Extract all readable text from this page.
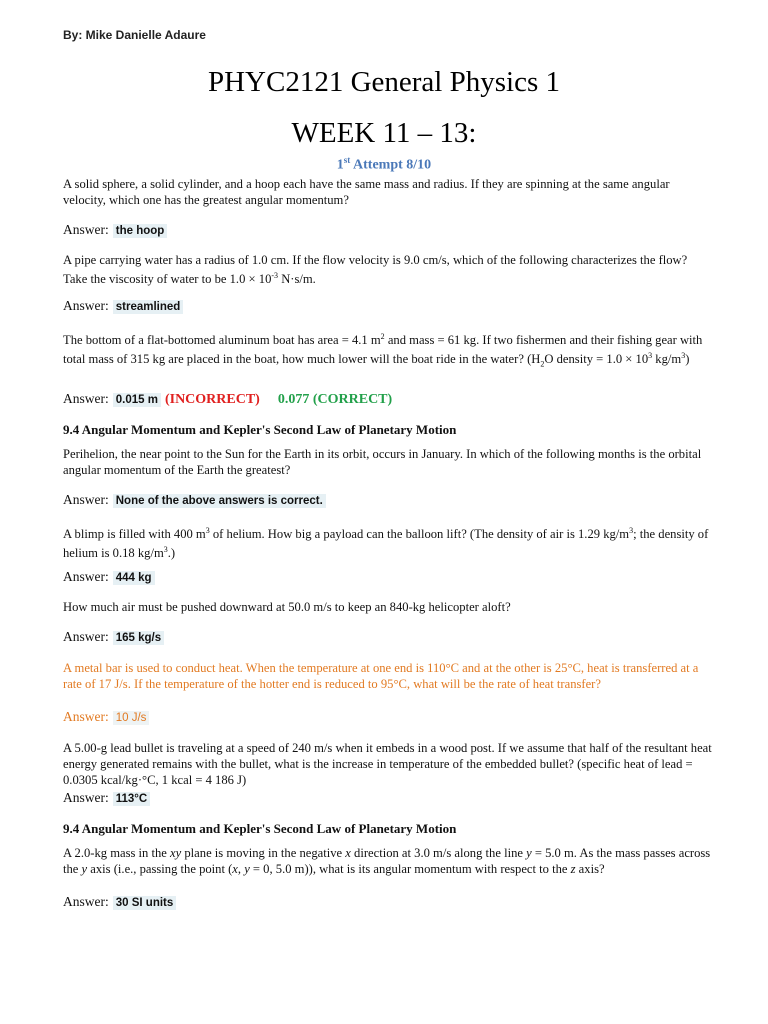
By: Mike Danielle Adaure
PHYC2121 General Physics 1
WEEK 11 – 13:
1st Attempt 8/10
A solid sphere, a solid cylinder, and a hoop each have the same mass and radius. If they are spinning at the same angular velocity, which one has the greatest angular momentum?
Answer: the hoop
A pipe carrying water has a radius of 1.0 cm. If the flow velocity is 9.0 cm/s, which of the following characterizes the flow? Take the viscosity of water to be $1.0 \times 10^{-3}$ N·s/m.
Answer: streamlined
The bottom of a flat-bottomed aluminum boat has area = 4.1 $m^2$ and mass = 61 kg. If two fishermen and their fishing gear with total mass of 315 kg are placed in the boat, how much lower will the boat ride in the water? ($H_2O$ density = $1.0 \times 10^3$ $kg/m^3$)
Answer: 0.015 m (INCORRECT) 0.077 (CORRECT)
9.4 Angular Momentum and Kepler's Second Law of Planetary Motion
Perihelion, the near point to the Sun for the Earth in its orbit, occurs in January. In which of the following months is the orbital angular momentum of the Earth the greatest?
Answer: None of the above answers is correct.
A blimp is filled with 400 $m^3$ of helium. How big a payload can the balloon lift? (The density of air is 1.29 $kg/m^3$; the density of helium is 0.18 $kg/m^3$.)
Answer: 444 kg
How much air must be pushed downward at 50.0 m/s to keep an 840-kg helicopter aloft?
Answer: 165 kg/s
A metal bar is used to conduct heat. When the temperature at one end is 110°C and at the other is 25°C, heat is transferred at a rate of 17 J/s. If the temperature of the hotter end is reduced to 95°C, what will be the rate of heat transfer?
Answer: 10 J/s
A 5.00-g lead bullet is traveling at a speed of 240 m/s when it embeds in a wood post. If we assume that half of the resultant heat energy generated remains with the bullet, what is the increase in temperature of the embedded bullet? (specific heat of lead = 0.0305 kcal/kg·°C, 1 kcal = 4 186 J)
Answer: 113°C
9.4 Angular Momentum and Kepler's Second Law of Planetary Motion
A 2.0-kg mass in the xy plane is moving in the negative x direction at 3.0 m/s along the line y = 5.0 m. As the mass passes across the y axis (i.e., passing the point (x, y = 0, 5.0 m)), what is its angular momentum with respect to the z axis?
Answer: 30 SI units
